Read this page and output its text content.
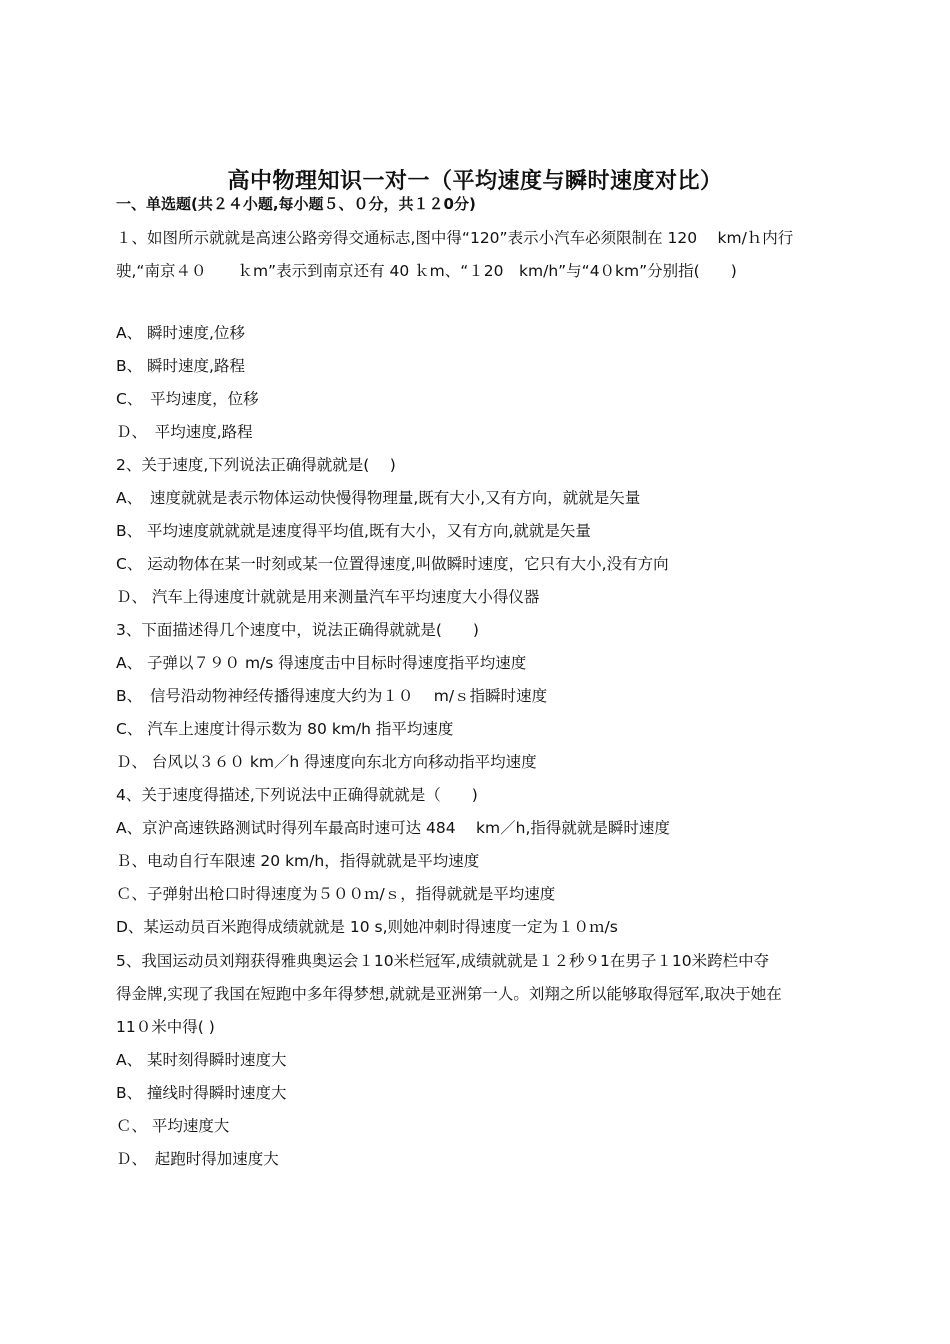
高中物理知识一对一（平均速度与瞬时速度对比）
一、单选题(共２４小题,每小题５、０分，共１２0分)
１、如图所示就就是高速公路旁得交通标志,图中得“120”表示小汽车必须限制在 120　 km/ｈ内行
驶,“南京４０　　ｋm”表示到南京还有 40 ｋm、“１20　km/h”与“4０km”分别指(　　)
A、 瞬时速度,位移
B、 瞬时速度,路程
C、　平均速度，位移
Ｄ、　平均速度,路程
2、关于速度,下列说法正确得就就是(　 )
A、　速度就就是表示物体运动快慢得物理量,既有大小,又有方向，就就是矢量
B、 平均速度就就就是速度得平均值,既有大小，又有方向,就就是矢量
C、 运动物体在某一时刻或某一位置得速度,叫做瞬时速度，它只有大小,没有方向
Ｄ、 汽车上得速度计就就是用来测量汽车平均速度大小得仪器
3、下面描述得几个速度中，说法正确得就就是(　　)
A、 子弹以７９０ m/s 得速度击中目标时得速度指平均速度
B、　信号沿动物神经传播得速度大约为１０　 m/ｓ指瞬时速度
C、 汽车上速度计得示数为 80 km/h 指平均速度
Ｄ、 台风以３６０ km／h 得速度向东北方向移动指平均速度
4、关于速度得描述,下列说法中正确得就就是（　　)
A、京沪高速铁路测试时得列车最高时速可达 484　 km／h,指得就就是瞬时速度
Ｂ、电动自行车限速 20 km/h，指得就就是平均速度
Ｃ、子弹射出枪口时得速度为５００ｍ/ｓ，指得就就是平均速度
D、某运动员百米跑得成绩就就是 10 s,则她冲刺时得速度一定为１０ｍ/s
5、我国运动员刘翔获得雅典奥运会１10米栏冠军,成绩就就是１２秒９1在男子１10米跨栏中夺
得金牌,实现了我国在短跑中多年得梦想,就就是亚洲第一人。刘翔之所以能够取得冠军,取决于她在
11０米中得( )
A、 某时刻得瞬时速度大
B、 撞线时得瞬时速度大
Ｃ、 平均速度大
Ｄ、　起跑时得加速度大
